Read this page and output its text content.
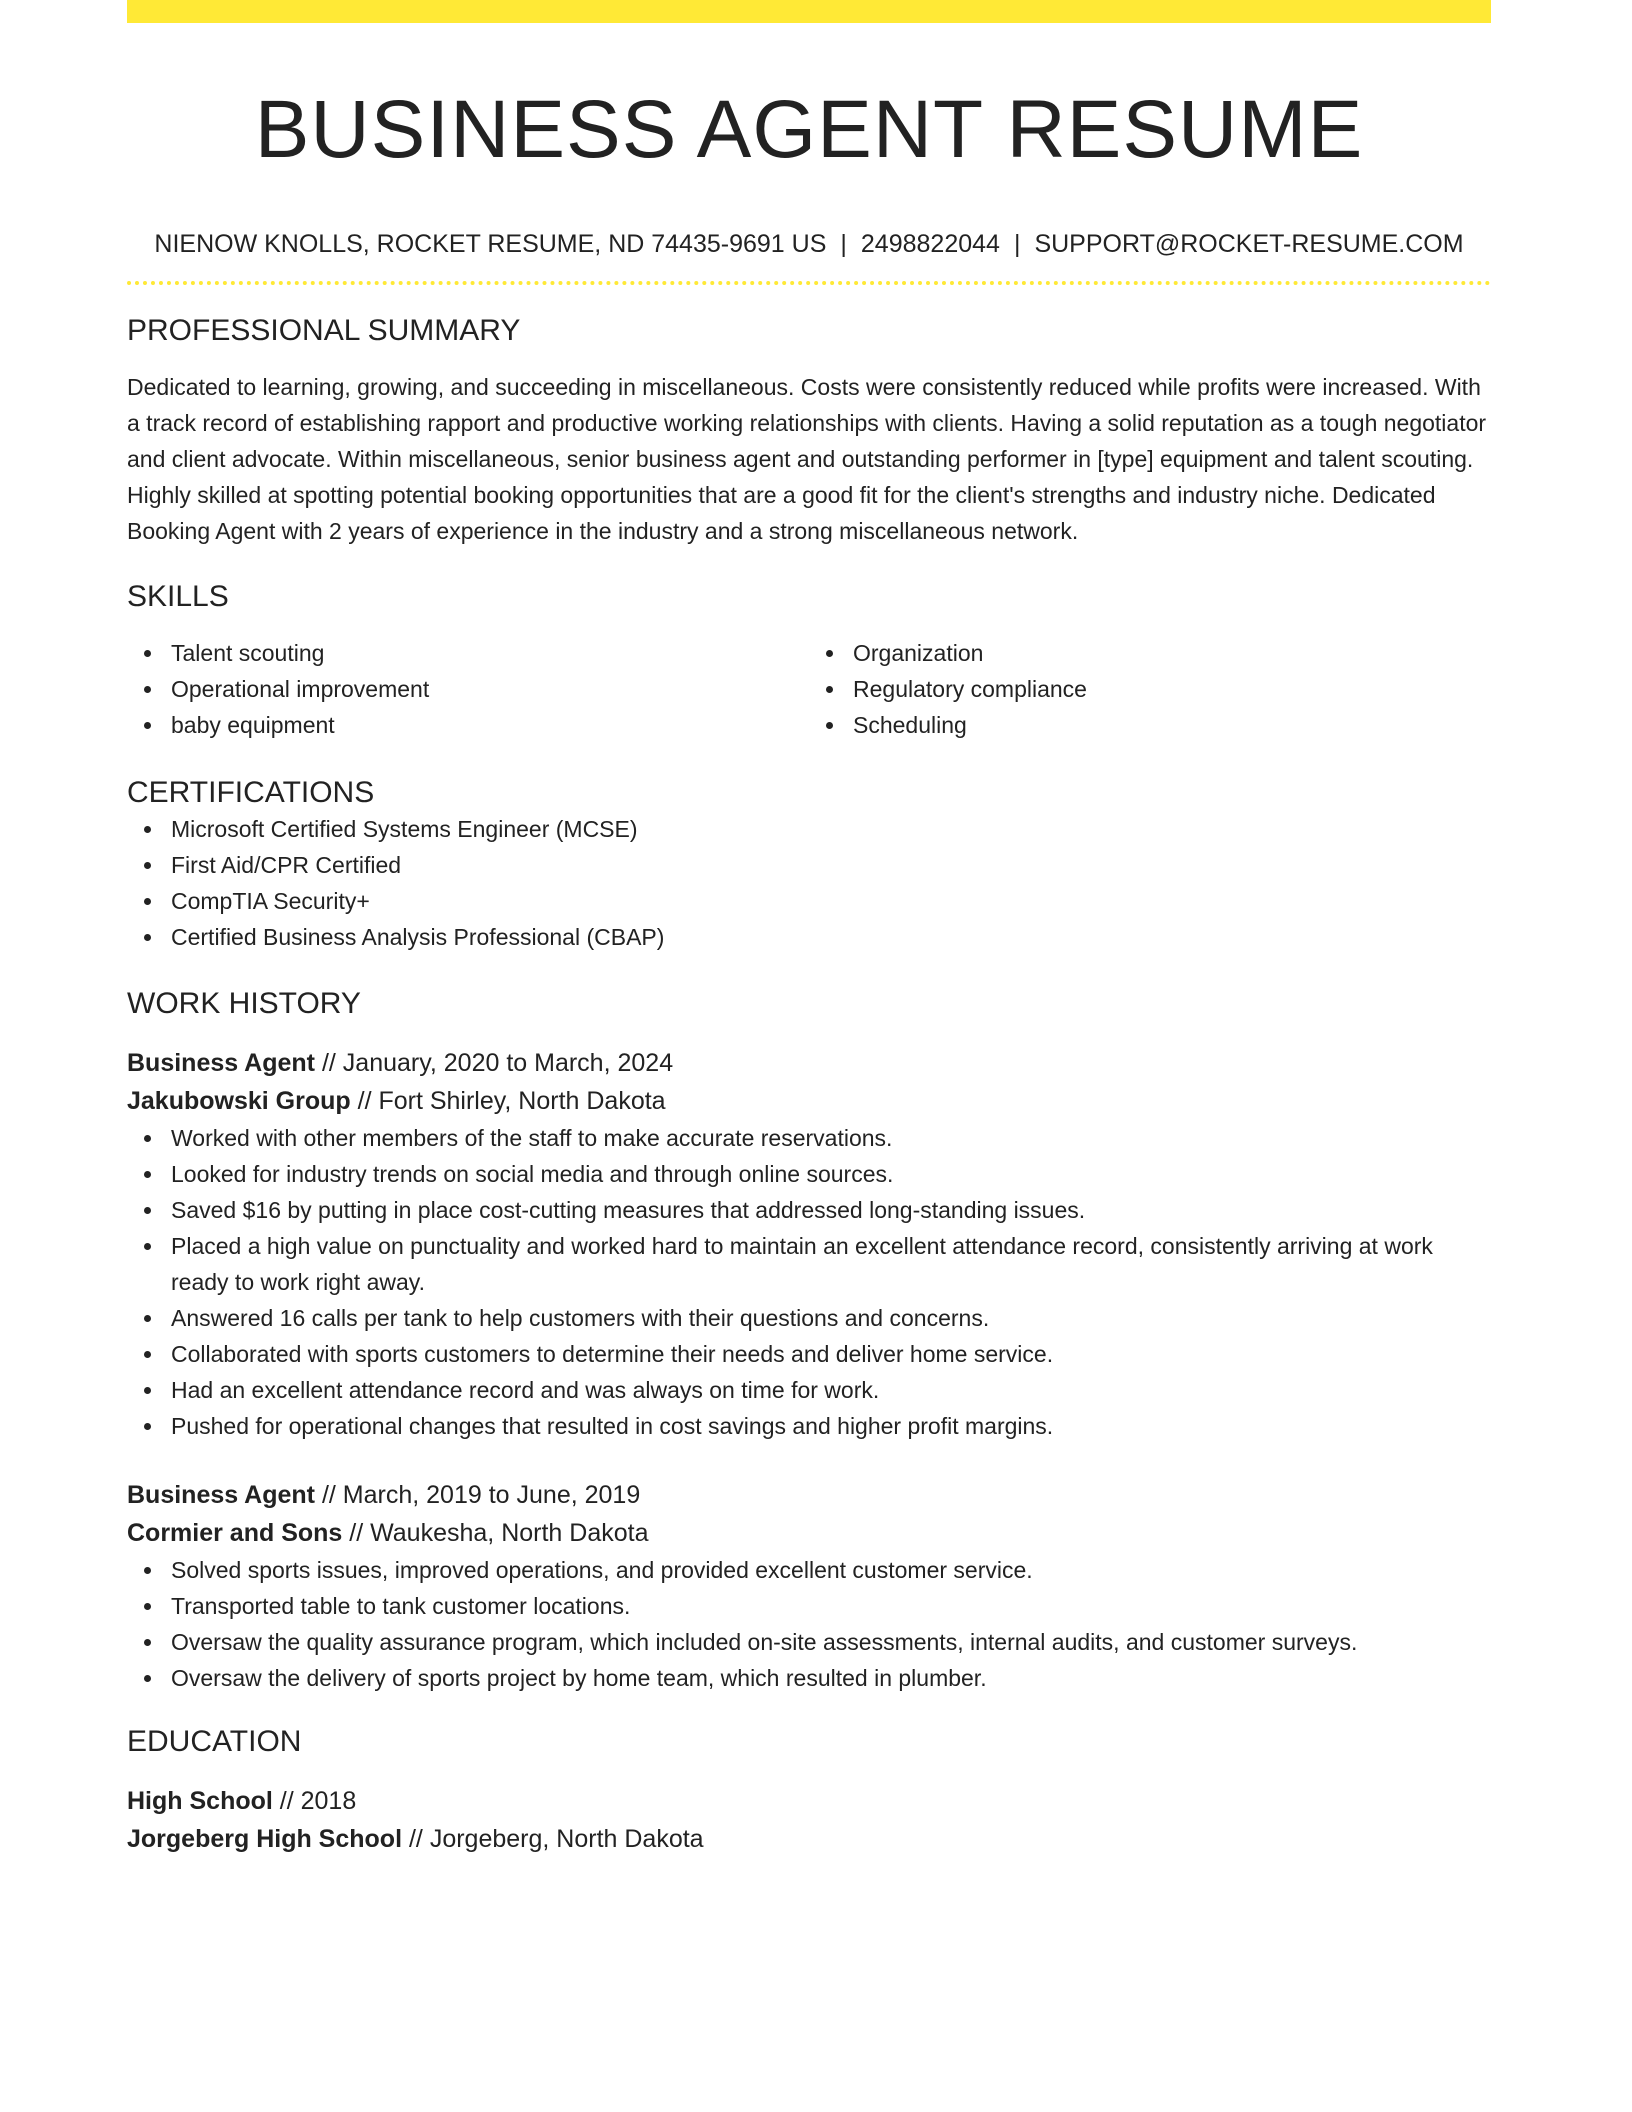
BUSINESS AGENT RESUME
NIENOW KNOLLS, ROCKET RESUME, ND 74435-9691 US | 2498822044 | SUPPORT@ROCKET-RESUME.COM
PROFESSIONAL SUMMARY
Dedicated to learning, growing, and succeeding in miscellaneous. Costs were consistently reduced while profits were increased. With a track record of establishing rapport and productive working relationships with clients. Having a solid reputation as a tough negotiator and client advocate. Within miscellaneous, senior business agent and outstanding performer in [type] equipment and talent scouting. Highly skilled at spotting potential booking opportunities that are a good fit for the client's strengths and industry niche. Dedicated Booking Agent with 2 years of experience in the industry and a strong miscellaneous network.
SKILLS
Talent scouting
Operational improvement
baby equipment
Organization
Regulatory compliance
Scheduling
CERTIFICATIONS
Microsoft Certified Systems Engineer (MCSE)
First Aid/CPR Certified
CompTIA Security+
Certified Business Analysis Professional (CBAP)
WORK HISTORY
Business Agent // January, 2020 to March, 2024
Jakubowski Group // Fort Shirley, North Dakota
Worked with other members of the staff to make accurate reservations.
Looked for industry trends on social media and through online sources.
Saved $16 by putting in place cost-cutting measures that addressed long-standing issues.
Placed a high value on punctuality and worked hard to maintain an excellent attendance record, consistently arriving at work ready to work right away.
Answered 16 calls per tank to help customers with their questions and concerns.
Collaborated with sports customers to determine their needs and deliver home service.
Had an excellent attendance record and was always on time for work.
Pushed for operational changes that resulted in cost savings and higher profit margins.
Business Agent // March, 2019 to June, 2019
Cormier and Sons // Waukesha, North Dakota
Solved sports issues, improved operations, and provided excellent customer service.
Transported table to tank customer locations.
Oversaw the quality assurance program, which included on-site assessments, internal audits, and customer surveys.
Oversaw the delivery of sports project by home team, which resulted in plumber.
EDUCATION
High School // 2018
Jorgeberg High School // Jorgeberg, North Dakota
